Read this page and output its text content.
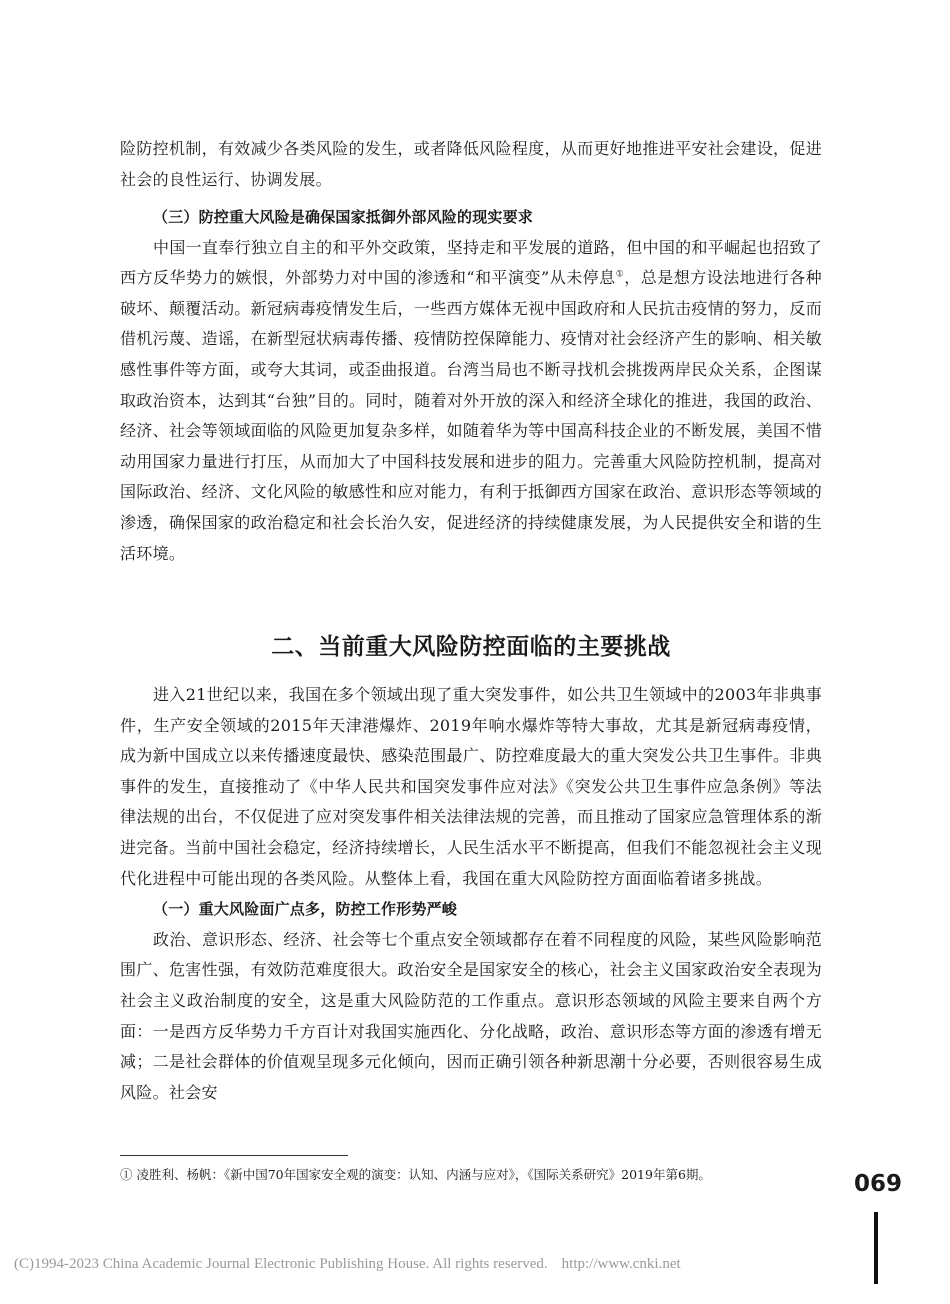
险防控机制，有效减少各类风险的发生，或者降低风险程度，从而更好地推进平安社会建设，促进社会的良性运行、协调发展。

（三）防控重大风险是确保国家抵御外部风险的现实要求

中国一直奉行独立自主的和平外交政策，坚持走和平发展的道路，但中国的和平崛起也招致了西方反华势力的嫉恨，外部势力对中国的渗透和“和平演变”从未停息①，总是想方设法地进行各种破坏、颠覆活动。新冠病毒疫情发生后，一些西方媒体无视中国政府和人民抗击疫情的努力，反而借机污蔑、造谣，在新型冠状病毒传播、疫情防控保障能力、疫情对社会经济产生的影响、相关敏感性事件等方面，或夸大其词，或歪曲报道。台湾当局也不断寻找机会挑拨两岸民众关系，企图谋取政治资本，达到其“台独”目的。同时，随着对外开放的深入和经济全球化的推进，我国的政治、经济、社会等领域面临的风险更加复杂多样，如随着华为等中国高科技企业的不断发展，美国不惜动用国家力量进行打压，从而加大了中国科技发展和进步的阻力。完善重大风险防控机制，提高对国际政治、经济、文化风险的敏感性和应对能力，有利于抵御西方国家在政治、意识形态等领域的渗透，确保国家的政治稳定和社会长治久安，促进经济的持续健康发展，为人民提供安全和谐的生活环境。

二、当前重大风险防控面临的主要挑战

进入21世纪以来，我国在多个领域出现了重大突发事件，如公共卫生领域中的2003年非典事件，生产安全领域的2015年天津港爆炸、2019年响水爆炸等特大事故，尤其是新冠病毒疫情，成为新中国成立以来传播速度最快、感染范围最广、防控难度最大的重大突发公共卫生事件。非典事件的发生，直接推动了《中华人民共和国突发事件应对法》《突发公共卫生事件应急条例》等法律法规的出台，不仅促进了应对突发事件相关法律法规的完善，而且推动了国家应急管理体系的渐进完备。当前中国社会稳定，经济持续增长，人民生活水平不断提高，但我们不能忽视社会主义现代化进程中可能出现的各类风险。从整体上看，我国在重大风险防控方面面临着诸多挑战。

（一）重大风险面广点多，防控工作形势严峻

政治、意识形态、经济、社会等七个重点安全领域都存在着不同程度的风险，某些风险影响范围广、危害性强，有效防范难度很大。政治安全是国家安全的核心，社会主义国家政治安全表现为社会主义政治制度的安全，这是重大风险防范的工作重点。意识形态领域的风险主要来自两个方面：一是西方反华势力千方百计对我国实施西化、分化战略，政治、意识形态等方面的渗透有增无减；二是社会群体的价值观呈现多元化倾向，因而正确引领各种新思潮十分必要，否则很容易生成风险。社会安

① 凌胜利、杨帆：《新中国70年国家安全观的演变：认知、内涵与应对》，《国际关系研究》2019年第6期。	069
(C)1994-2023 China Academic Journal Electronic Publishing House. All rights reserved. http://www.cnki.net
